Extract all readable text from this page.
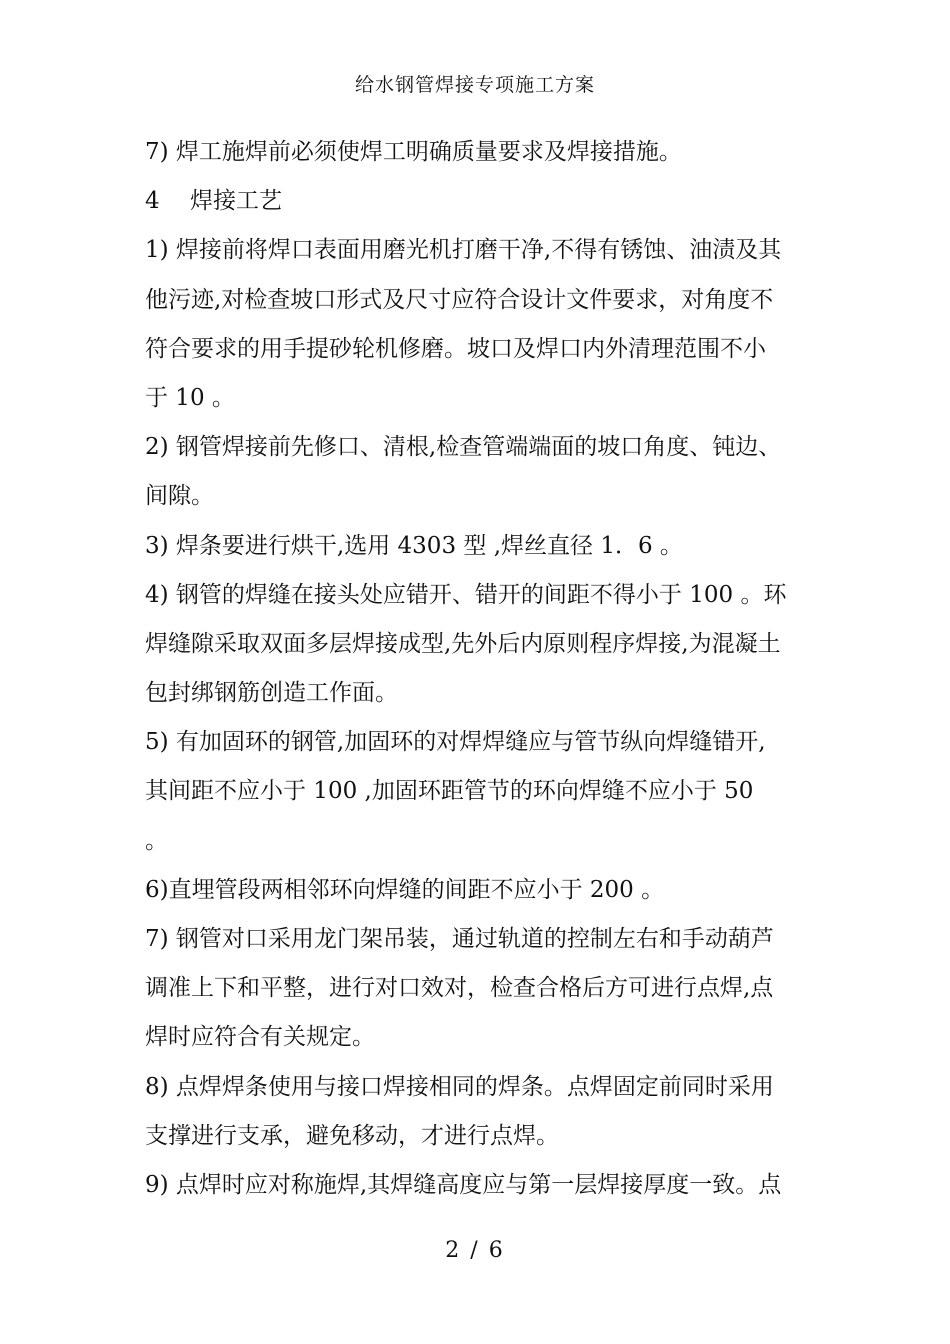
给水钢管焊接专项施工方案
7) 焊工施焊前必须使焊工明确质量要求及焊接措施。
4　 焊接工艺
1) 焊接前将焊口表面用磨光机打磨干净,不得有锈蚀、油渍及其
他污迹,对检查坡口形式及尺寸应符合设计文件要求，对角度不
符合要求的用手提砂轮机修磨。坡口及焊口内外清理范围不小
于 10 。
2) 钢管焊接前先修口、清根,检查管端端面的坡口角度、钝边、
间隙。
3) 焊条要进行烘干,选用 4303 型 ,焊丝直径 1．6 。
4) 钢管的焊缝在接头处应错开、错开的间距不得小于 100 。环
焊缝隙采取双面多层焊接成型,先外后内原则程序焊接,为混凝土
包封绑钢筋创造工作面。
5) 有加固环的钢管,加固环的对焊焊缝应与管节纵向焊缝错开,
其间距不应小于 100 ,加固环距管节的环向焊缝不应小于 50
。
6)直埋管段两相邻环向焊缝的间距不应小于 200 。
7) 钢管对口采用龙门架吊装，通过轨道的控制左右和手动葫芦
调准上下和平整，进行对口效对，检查合格后方可进行点焊,点
焊时应符合有关规定。
8) 点焊焊条使用与接口焊接相同的焊条。点焊固定前同时采用
支撑进行支承，避免移动，才进行点焊。
9) 点焊时应对称施焊,其焊缝高度应与第一层焊接厚度一致。点
2 / 6
